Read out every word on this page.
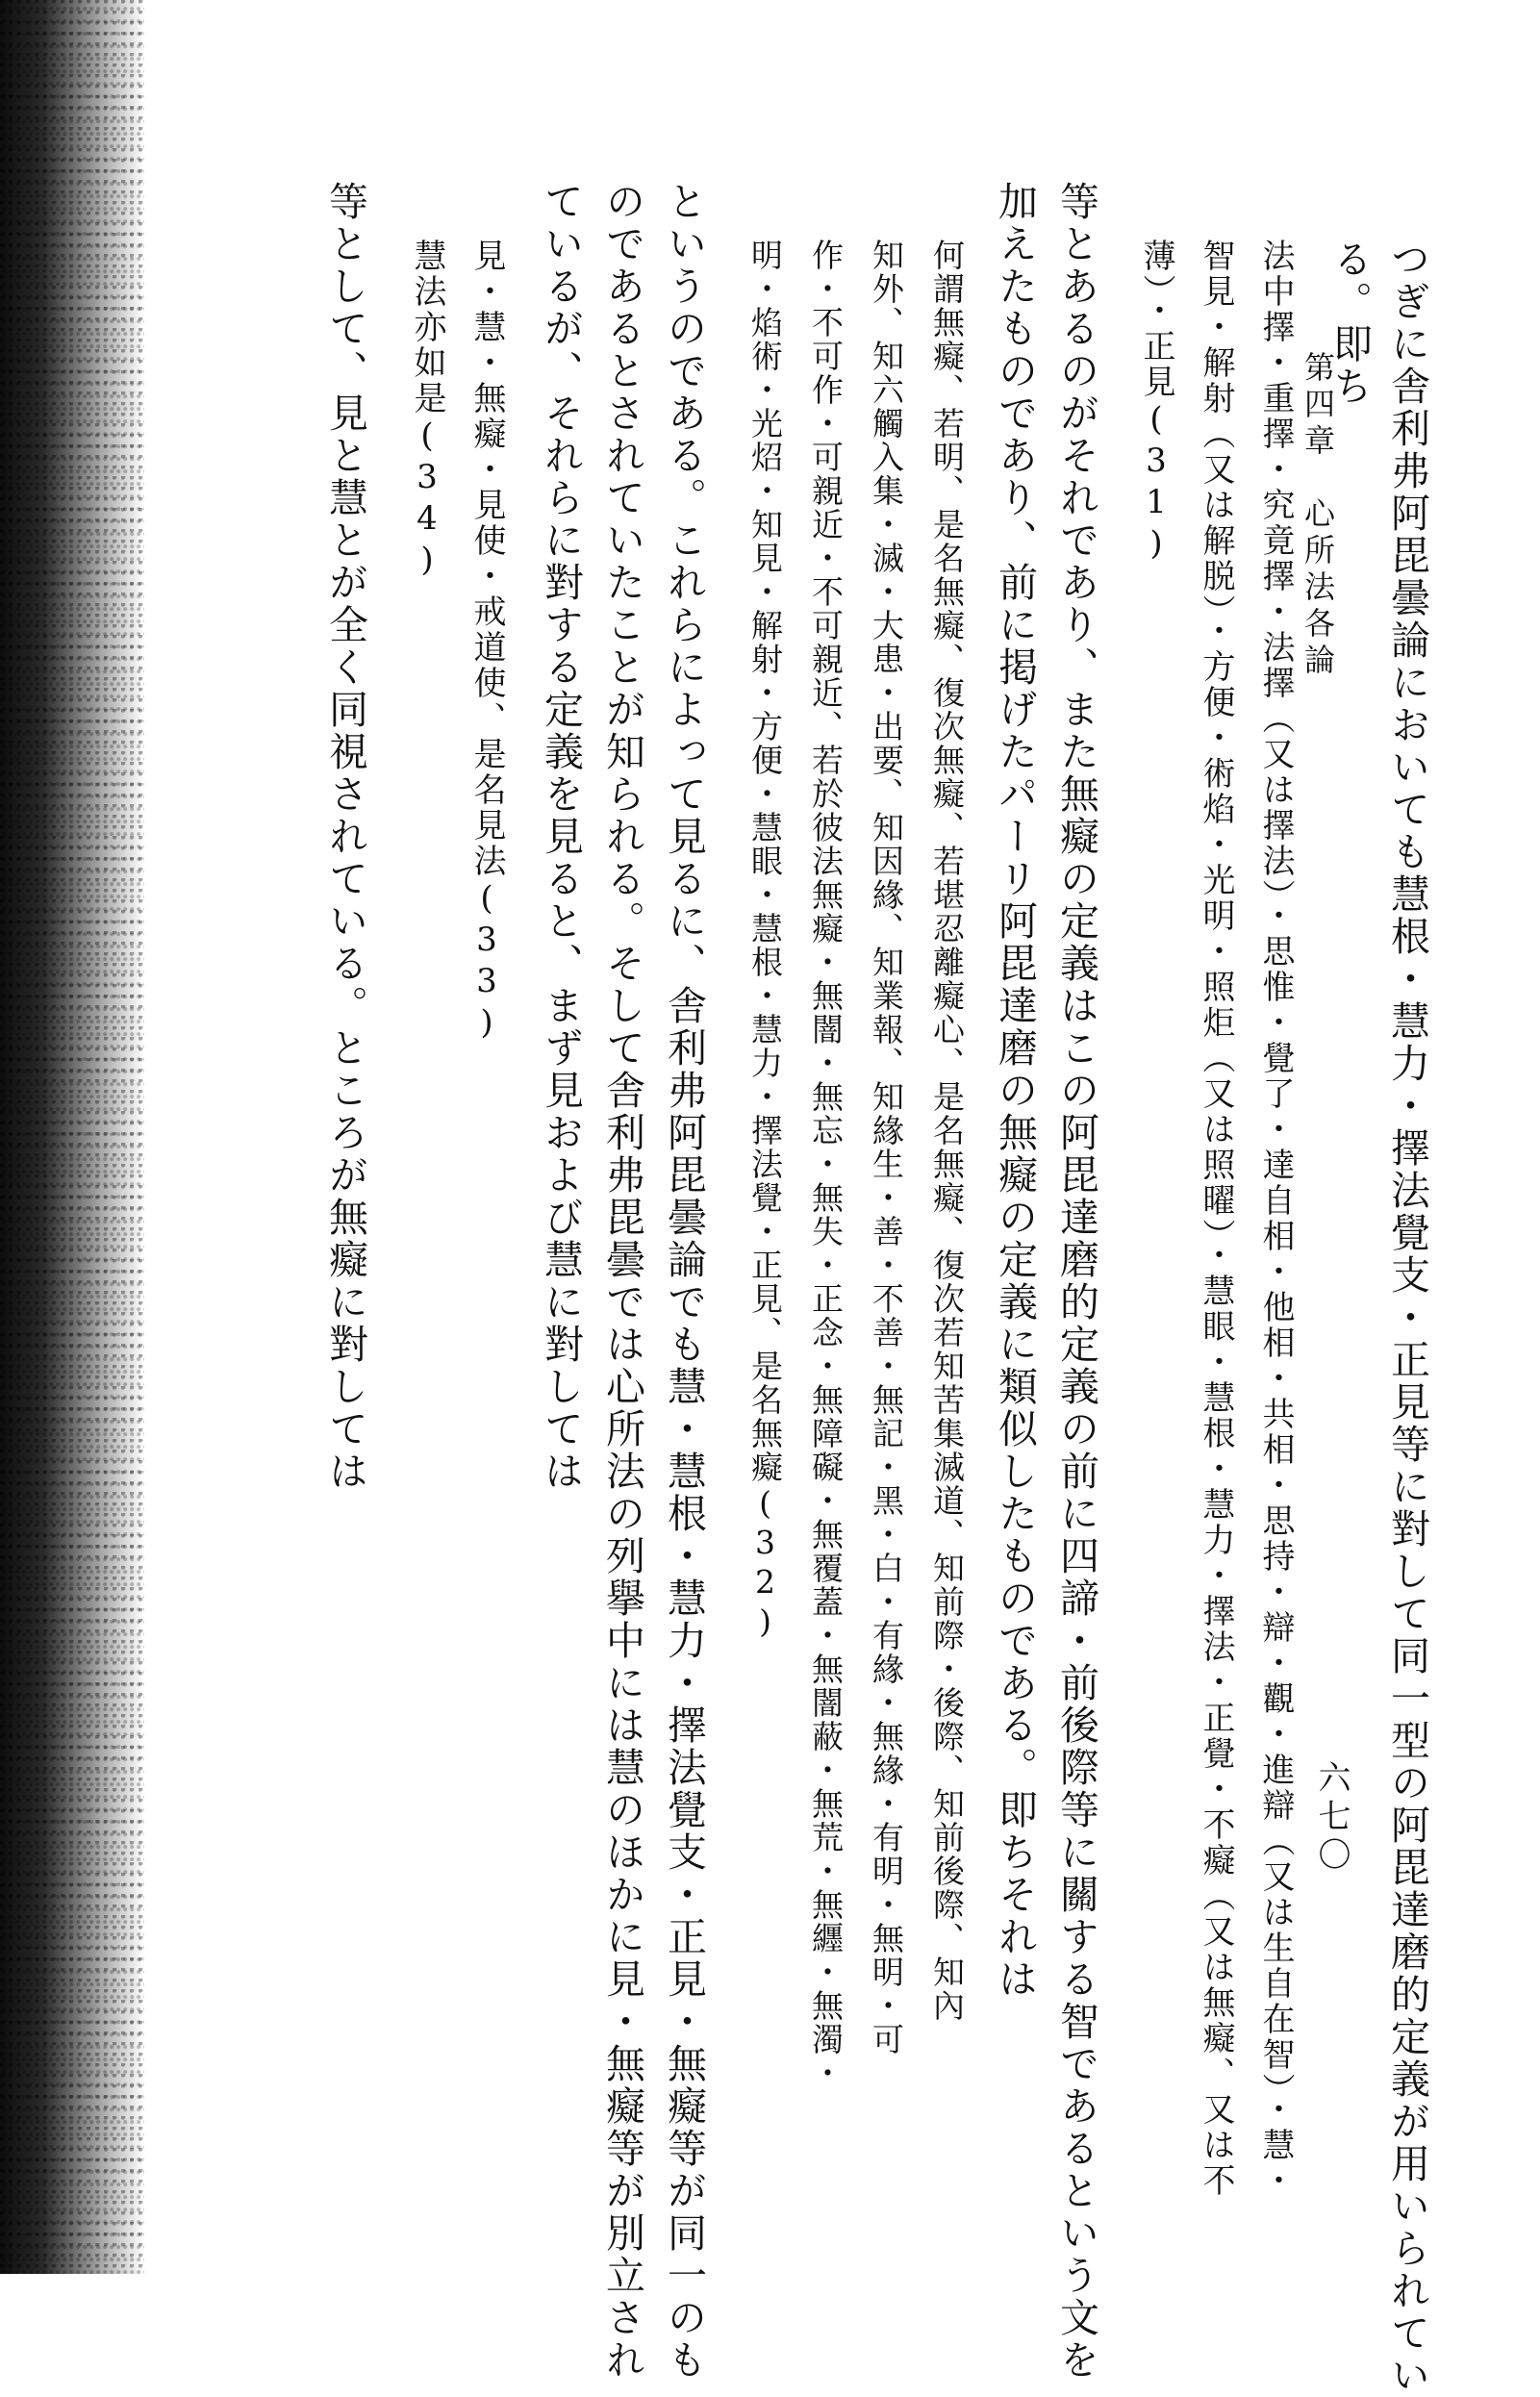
第四章　心所法各論
六七〇 つぎに舎利弗阿毘曇論においても慧根・慧力・擇法覺支・正見等に對して同一型の阿毘達磨的定義が用いられてい
る。即ち
法中擇・重擇・究竟擇・法擇（又は擇法）・思惟・覺了・達自相・他相・共相・思持・辯・觀・進辯（又は生自在智）・慧・
智見・解射（又は解脱）・方便・術焰・光明・照炬（又は照曜）・慧眼・慧根・慧力・擇法・正覺・不癡（又は無癡、又は不
薄）・正見(31)
等とあるのがそれであり、また無癡の定義はこの阿毘達磨的定義の前に四諦・前後際等に關する智であるという文を
加えたものであり、前に掲げたパーリ阿毘達磨の無癡の定義に類似したものである。即ちそれは
何謂無癡、若明、是名無癡、復次無癡、若堪忍離癡心、是名無癡、復次若知苦集滅道、知前際・後際、知前後際、知內
知外、知六觸入集・滅・大患・出要、知因緣、知業報、知緣生・善・不善・無記・黑・白・有緣・無緣・有明・無明・可
作・不可作・可親近・不可親近、若於彼法無癡・無闇・無忘・無失・正念・無障礙・無覆蓋・無闇蔽・無荒・無纒・無濁・
明・焰術・光炤・知見・解射・方便・慧眼・慧根・慧力・擇法覺・正見、是名無癡(32)
というのである。これらによって見るに、舎利弗阿毘曇論でも慧・慧根・慧力・擇法覺支・正見・無癡等が同一のも
のであるとされていたことが知られる。そして舎利弗毘曇では心所法の列擧中には慧のほかに見・無癡等が別立され
ているが、それらに對する定義を見ると、まず見および慧に對しては
見・慧・無癡・見使・戒道使、是名見法(33)
慧法亦如是(34)
等として、見と慧とが全く同視されている。ところが無癡に對しては
